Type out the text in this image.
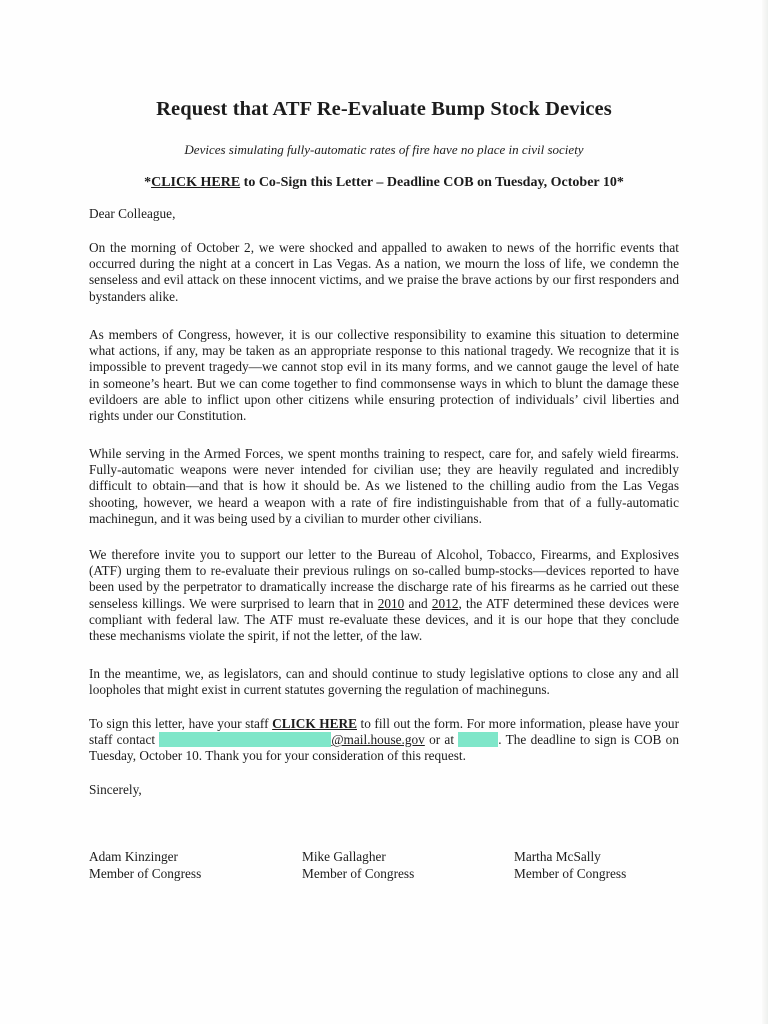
Request that ATF Re-Evaluate Bump Stock Devices

Devices simulating fully-automatic rates of fire have no place in civil society

*CLICK HERE to Co-Sign this Letter – Deadline COB on Tuesday, October 10*

Dear Colleague,

On the morning of October 2, we were shocked and appalled to awaken to news of the horrific events that occurred during the night at a concert in Las Vegas. As a nation, we mourn the loss of life, we condemn the senseless and evil attack on these innocent victims, and we praise the brave actions by our first responders and bystanders alike.

As members of Congress, however, it is our collective responsibility to examine this situation to determine what actions, if any, may be taken as an appropriate response to this national tragedy. We recognize that it is impossible to prevent tragedy—we cannot stop evil in its many forms, and we cannot gauge the level of hate in someone’s heart. But we can come together to find commonsense ways in which to blunt the damage these evildoers are able to inflict upon other citizens while ensuring protection of individuals’ civil liberties and rights under our Constitution.

While serving in the Armed Forces, we spent months training to respect, care for, and safely wield firearms. Fully-automatic weapons were never intended for civilian use; they are heavily regulated and incredibly difficult to obtain—and that is how it should be. As we listened to the chilling audio from the Las Vegas shooting, however, we heard a weapon with a rate of fire indistinguishable from that of a fully-automatic machinegun, and it was being used by a civilian to murder other civilians.

We therefore invite you to support our letter to the Bureau of Alcohol, Tobacco, Firearms, and Explosives (ATF) urging them to re-evaluate their previous rulings on so-called bump-stocks—devices reported to have been used by the perpetrator to dramatically increase the discharge rate of his firearms as he carried out these senseless killings. We were surprised to learn that in 2010 and 2012, the ATF determined these devices were compliant with federal law. The ATF must re-evaluate these devices, and it is our hope that they conclude these mechanisms violate the spirit, if not the letter, of the law.

In the meantime, we, as legislators, can and should continue to study legislative options to close any and all loopholes that might exist in current statutes governing the regulation of machineguns.

To sign this letter, have your staff CLICK HERE to fill out the form. For more information, please have your staff contact	@mail.house.gov or at	. The deadline to sign is COB on Tuesday, October 10. Thank you for your consideration of this request.

Sincerely,

Adam Kinzinger
Member of Congress
Mike Gallagher
Member of Congress
Martha McSally
Member of Congress
